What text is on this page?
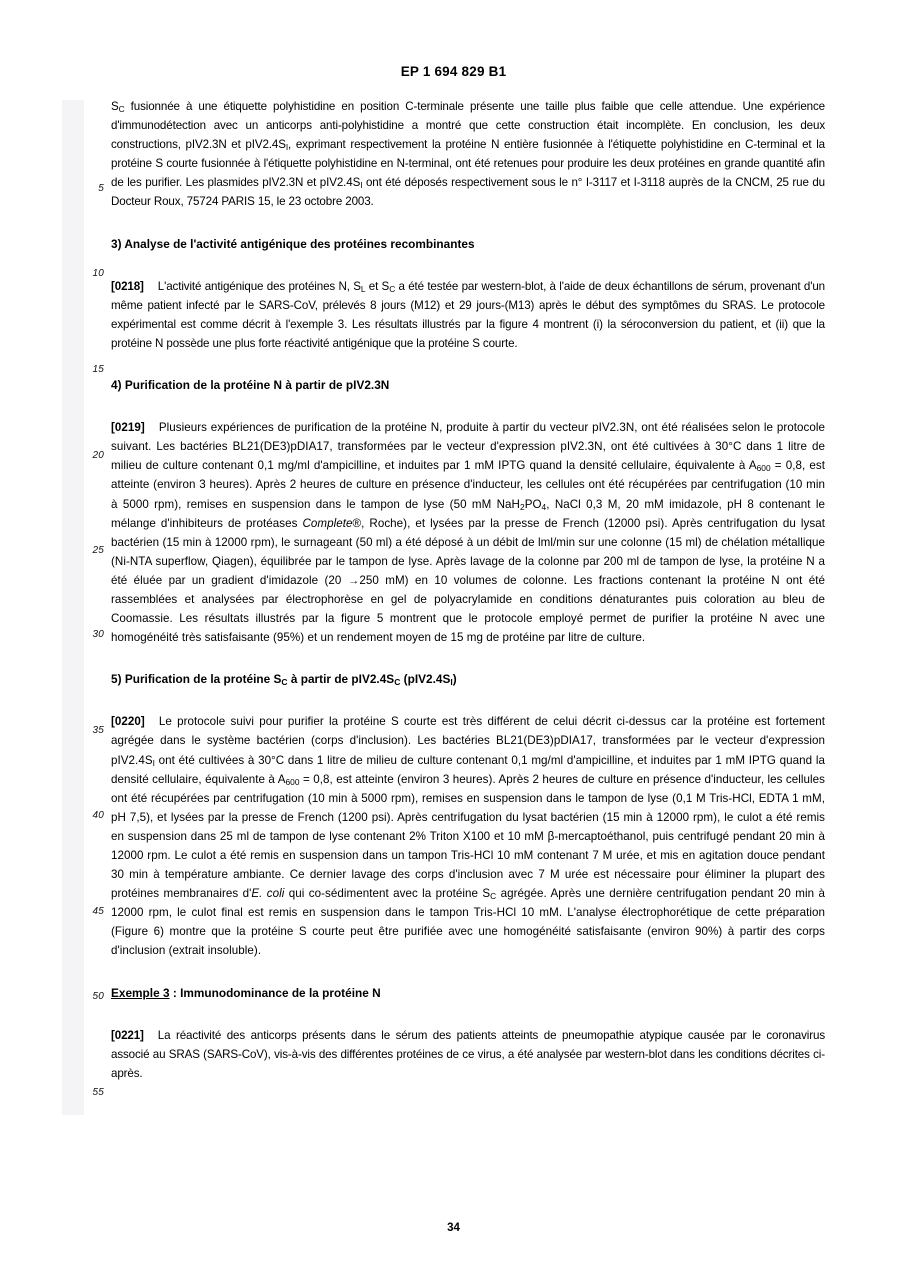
EP 1 694 829 B1
5
10
15
20
25
30
35
40
45
50
55

$S_C$ fusionnée à une étiquette polyhistidine en position C-terminale présente une taille plus faible que celle attendue. Une expérience d'immunodétection avec un anticorps anti-polyhistidine a montré que cette construction était incomplète. En conclusion, les deux constructions, pIV2.3N et $pIV2.4S_I$, exprimant respectivement la protéine N entière fusionnée à l'étiquette polyhistidine en C-terminal et la protéine S courte fusionnée à l'étiquette polyhistidine en N-terminal, ont été retenues pour produire les deux protéines en grande quantité afin de les purifier. Les plasmides pIV2.3N et $pIV2.4S_I$ ont été déposés respectivement sous le n° I-3117 et I-3118 auprès de la CNCM, 25 rue du Docteur Roux, 75724 PARIS 15, le 23 octobre 2003.

3) Analyse de l'activité antigénique des protéines recombinantes

[0218] L'activité antigénique des protéines N, $S_L$ et $S_C$ a été testée par western-blot, à l'aide de deux échantillons de sérum, provenant d'un même patient infecté par le SARS-CoV, prélevés 8 jours (M12) et 29 jours-(M13) après le début des symptômes du SRAS. Le protocole expérimental est comme décrit à l'exemple 3. Les résultats illustrés par la figure 4 montrent (i) la séroconversion du patient, et (ii) que la protéine N possède une plus forte réactivité antigénique que la protéine S courte.

4) Purification de la protéine N à partir de pIV2.3N

[0219] Plusieurs expériences de purification de la protéine N, produite à partir du vecteur pIV2.3N, ont été réalisées selon le protocole suivant. Les bactéries BL21(DE3)pDIA17, transformées par le vecteur d'expression pIV2.3N, ont été cultivées à 30°C dans 1 litre de milieu de culture contenant 0,1 mg/ml d'ampicilline, et induites par 1 mM IPTG quand la densité cellulaire, équivalente à $A_{600} = 0,8$, est atteinte (environ 3 heures). Après 2 heures de culture en présence d'inducteur, les cellules ont été récupérées par centrifugation (10 min à 5000 rpm), remises en suspension dans le tampon de lyse (50 mM $NaH_2PO_4$, NaCl 0,3 M, 20 mM imidazole, pH 8 contenant le mélange d'inhibiteurs de protéases Complete®, Roche), et lysées par la presse de French (12000 psi). Après centrifugation du lysat bactérien (15 min à 12000 rpm), le surnageant (50 ml) a été déposé à un débit de lml/min sur une colonne (15 ml) de chélation métallique (Ni-NTA superflow, Qiagen), équilibrée par le tampon de lyse. Après lavage de la colonne par 200 ml de tampon de lyse, la protéine N a été éluée par un gradient d'imidazole (20 →250 mM) en 10 volumes de colonne. Les fractions contenant la protéine N ont été rassemblées et analysées par électrophorèse en gel de polyacrylamide en conditions dénaturantes puis coloration au bleu de Coomassie. Les résultats illustrés par la figure 5 montrent que le protocole employé permet de purifier la protéine N avec une homogénéité très satisfaisante (95%) et un rendement moyen de 15 mg de protéine par litre de culture.

5) Purification de la protéine $S_C$ à partir de $pIV2.4S_C$ $(pIV2.4S_I)$

[0220] Le protocole suivi pour purifier la protéine S courte est très différent de celui décrit ci-dessus car la protéine est fortement agrégée dans le système bactérien (corps d'inclusion). Les bactéries BL21(DE3)pDIA17, transformées par le vecteur d'expression $pIV2.4S_I$ ont été cultivées à 30°C dans 1 litre de milieu de culture contenant 0,1 mg/ml d'ampicilline, et induites par 1 mM IPTG quand la densité cellulaire, équivalente à $A_{600} = 0,8$, est atteinte (environ 3 heures). Après 2 heures de culture en présence d'inducteur, les cellules ont été récupérées par centrifugation (10 min à 5000 rpm), remises en suspension dans le tampon de lyse (0,1 M Tris-HCl, EDTA 1 mM, pH 7,5), et lysées par la presse de French (1200 psi). Après centrifugation du lysat bactérien (15 min à 12000 rpm), le culot a été remis en suspension dans 25 ml de tampon de lyse contenant 2% Triton X100 et 10 mM β-mercaptoéthanol, puis centrifugé pendant 20 min à 12000 rpm. Le culot a été remis en suspension dans un tampon Tris-HCl 10 mM contenant 7 M urée, et mis en agitation douce pendant 30 min à température ambiante. Ce dernier lavage des corps d'inclusion avec 7 M urée est nécessaire pour éliminer la plupart des protéines membranaires d'E. coli qui co-sédimentent avec la protéine $S_C$ agrégée. Après une dernière centrifugation pendant 20 min à 12000 rpm, le culot final est remis en suspension dans le tampon Tris-HCl 10 mM. L'analyse électrophorétique de cette préparation (Figure 6) montre que la protéine S courte peut être purifiée avec une homogénéité satisfaisante (environ 90%) à partir des corps d'inclusion (extrait insoluble).

Exemple 3 : Immunodominance de la protéine N

[0221] La réactivité des anticorps présents dans le sérum des patients atteints de pneumopathie atypique causée par le coronavirus associé au SRAS (SARS-CoV), vis-à-vis des différentes protéines de ce virus, a été analysée par western-blot dans les conditions décrites ci-après.

34
